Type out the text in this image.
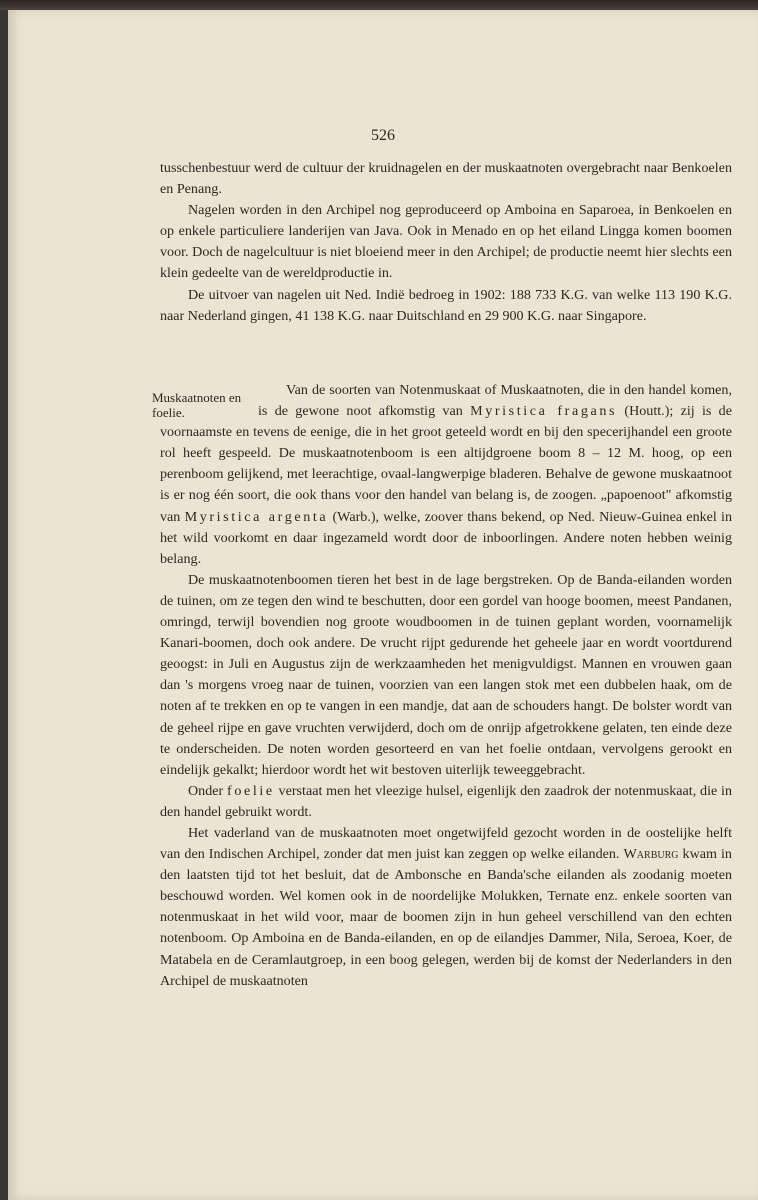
526

tusschenbestuur werd de cultuur der kruidnagelen en der muskaatnoten overgebracht naar Benkoelen en Penang.

Nagelen worden in den Archipel nog geproduceerd op Amboina en Saparoea, in Benkoelen en op enkele particuliere landerijen van Java. Ook in Menado en op het eiland Lingga komen boomen voor. Doch de nagelcultuur is niet bloeiend meer in den Archipel; de productie neemt hier slechts een klein gedeelte van de wereldproductie in.

De uitvoer van nagelen uit Ned. Indië bedroeg in 1902: 188 733 K.G. van welke 113 190 K.G. naar Nederland gingen, 41 138 K.G. naar Duitschland en 29 900 K.G. naar Singapore.

Muskaatnoten en foelie.

Van de soorten van Notenmuskaat of Muskaatnoten, die in den handel komen, is de gewone noot afkomstig van Myristica fragans (Houtt.); zij is de voornaamste en tevens de eenige, die in het groot geteeld wordt en bij den specerijhandel een groote rol heeft gespeeld. De muskaatnotenboom is een altijdgroene boom 8 – 12 M. hoog, op een perenboom gelijkend, met leerachtige, ovaal-langwerpige bladeren. Behalve de gewone muskaatnoot is er nog één soort, die ook thans voor den handel van belang is, de zoogen. „papoenoot" afkomstig van Myristica argenta (Warb.), welke, zoover thans bekend, op Ned. Nieuw-Guinea enkel in het wild voorkomt en daar ingezameld wordt door de inboorlingen. Andere noten hebben weinig belang.

De muskaatnotenboomen tieren het best in de lage bergstreken. Op de Banda-eilanden worden de tuinen, om ze tegen den wind te beschutten, door een gordel van hooge boomen, meest Pandanen, omringd, terwijl bovendien nog groote woudboomen in de tuinen geplant worden, voornamelijk Kanari-boomen, doch ook andere. De vrucht rijpt gedurende het geheele jaar en wordt voortdurend geoogst: in Juli en Augustus zijn de werkzaamheden het menigvuldigst. Mannen en vrouwen gaan dan 's morgens vroeg naar de tuinen, voorzien van een langen stok met een dubbelen haak, om de noten af te trekken en op te vangen in een mandje, dat aan de schouders hangt. De bolster wordt van de geheel rijpe en gave vruchten verwijderd, doch om de onrijp afgetrokkene gelaten, ten einde deze te onderscheiden. De noten worden gesorteerd en van het foelie ontdaan, vervolgens gerookt en eindelijk gekalkt; hierdoor wordt het wit bestoven uiterlijk teweeggebracht.

Onder foelie verstaat men het vleezige hulsel, eigenlijk den zaadrok der notenmuskaat, die in den handel gebruikt wordt.

Het vaderland van de muskaatnoten moet ongetwijfeld gezocht worden in de oostelijke helft van den Indischen Archipel, zonder dat men juist kan zeggen op welke eilanden. Warburg kwam in den laatsten tijd tot het besluit, dat de Ambonsche en Banda'sche eilanden als zoodanig moeten beschouwd worden. Wel komen ook in de noordelijke Molukken, Ternate enz. enkele soorten van notenmuskaat in het wild voor, maar de boomen zijn in hun geheel verschillend van den echten notenboom. Op Amboina en de Banda-eilanden, en op de eilandjes Dammer, Nila, Seroea, Koer, de Matabela en de Ceramlautgroep, in een boog gelegen, werden bij de komst der Nederlanders in den Archipel de muskaatnoten
